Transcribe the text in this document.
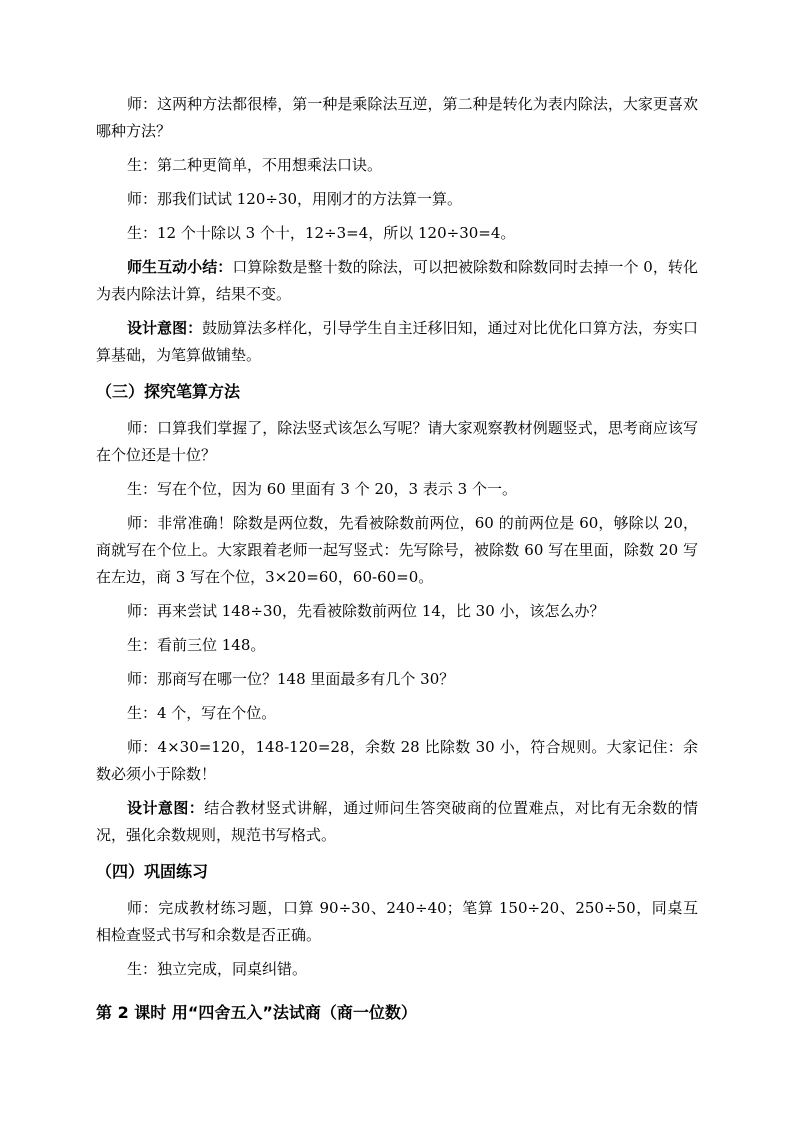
师：这两种方法都很棒，第一种是乘除法互逆，第二种是转化为表内除法，大家更喜欢哪种方法？

生：第二种更简单，不用想乘法口诀。

师：那我们试试 120÷30，用刚才的方法算一算。

生：12 个十除以 3 个十，12÷3=4，所以 120÷30=4。

师生互动小结：口算除数是整十数的除法，可以把被除数和除数同时去掉一个 0，转化为表内除法计算，结果不变。

设计意图：鼓励算法多样化，引导学生自主迁移旧知，通过对比优化口算方法，夯实口算基础，为笔算做铺垫。

（三）探究笔算方法

师：口算我们掌握了，除法竖式该怎么写呢？请大家观察教材例题竖式，思考商应该写在个位还是十位？

生：写在个位，因为 60 里面有 3 个 20，3 表示 3 个一。

师：非常准确！除数是两位数，先看被除数前两位，60 的前两位是 60，够除以 20，商就写在个位上。大家跟着老师一起写竖式：先写除号，被除数 60 写在里面，除数 20 写在左边，商 3 写在个位，3×20=60，60-60=0。

师：再来尝试 148÷30，先看被除数前两位 14，比 30 小，该怎么办？

生：看前三位 148。

师：那商写在哪一位？148 里面最多有几个 30？

生：4 个，写在个位。

师：4×30=120，148-120=28，余数 28 比除数 30 小，符合规则。大家记住：余数必须小于除数！

设计意图：结合教材竖式讲解，通过师问生答突破商的位置难点，对比有无余数的情况，强化余数规则，规范书写格式。

（四）巩固练习

师：完成教材练习题，口算 90÷30、240÷40；笔算 150÷20、250÷50，同桌互相检查竖式书写和余数是否正确。

生：独立完成，同桌纠错。

第 2 课时 用“四舍五入”法试商（商一位数）
